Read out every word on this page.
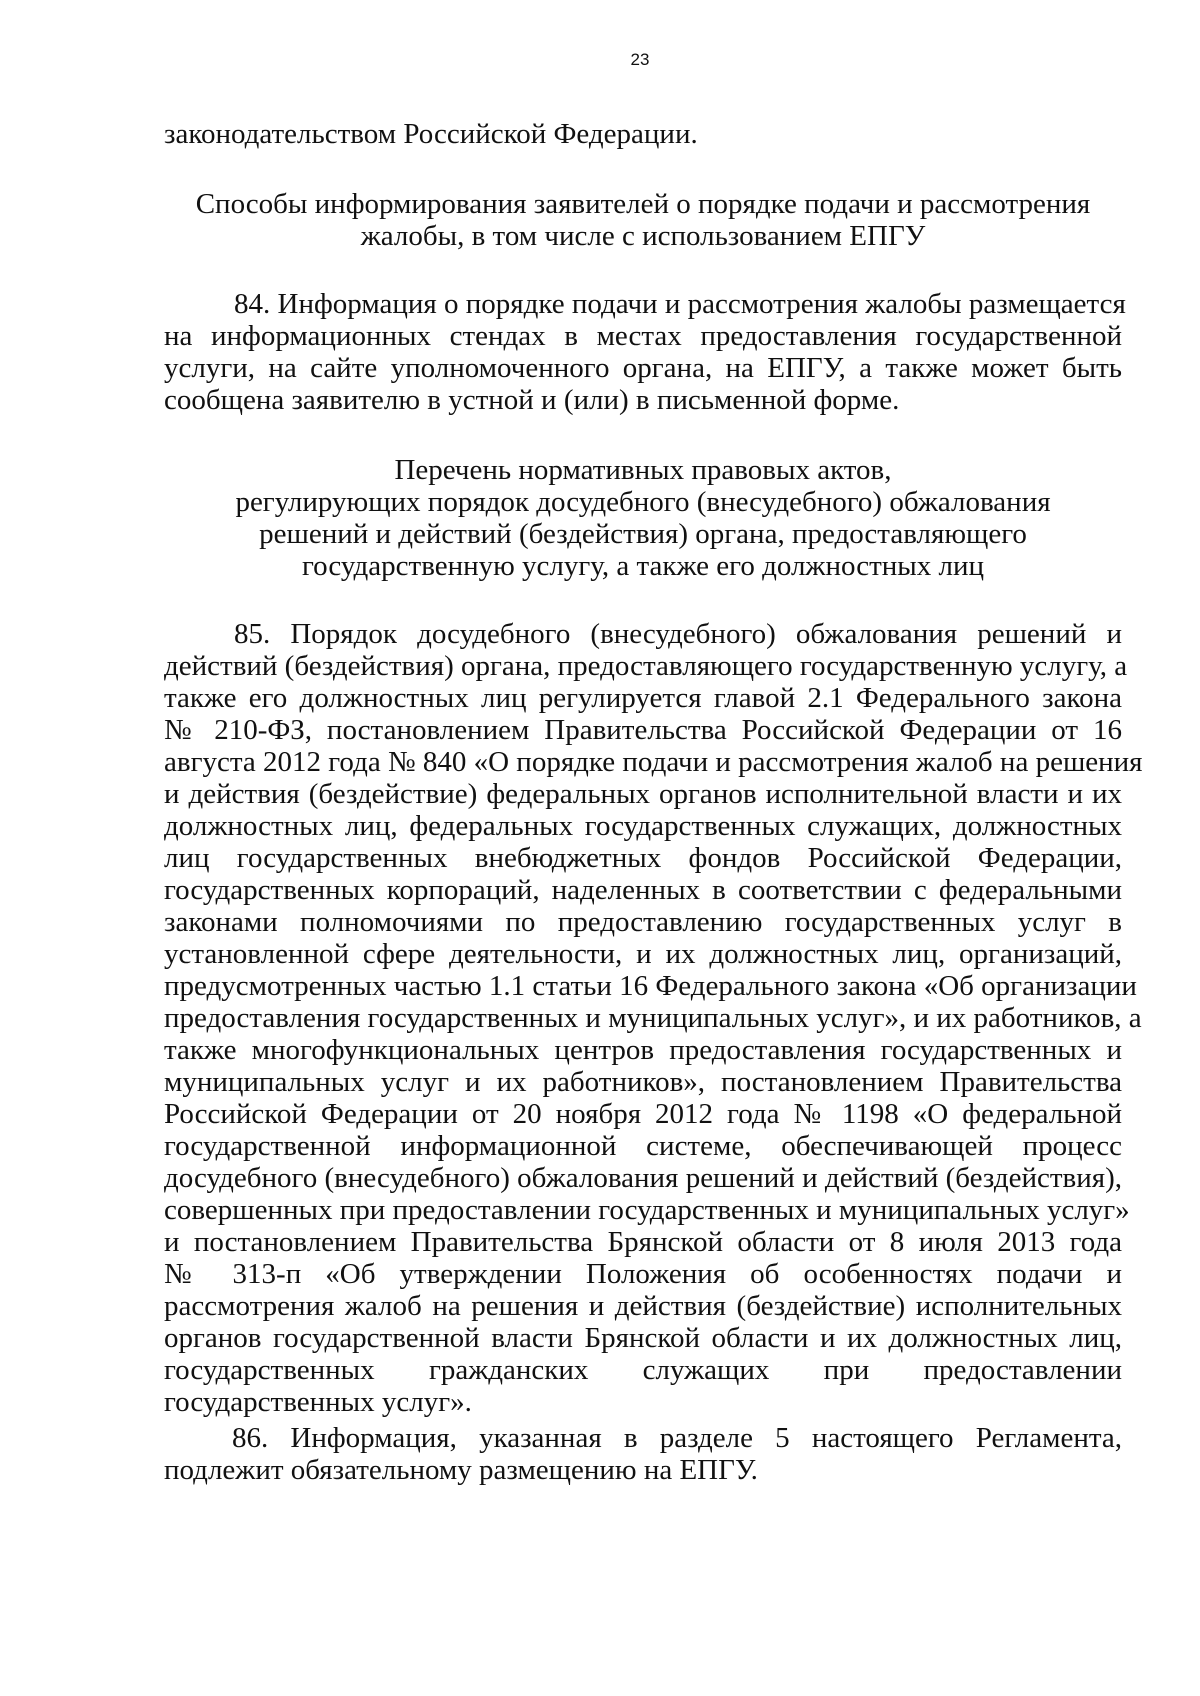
23
законодательством Российской Федерации.
Способы информирования заявителей о порядке подачи и рассмотрения
жалобы, в том числе с использованием ЕПГУ
84. Информация о порядке подачи и рассмотрения жалобы размещается
на информационных стендах в местах предоставления государственной
услуги, на сайте уполномоченного органа, на ЕПГУ, а также может быть
сообщена заявителю в устной и (или) в письменной форме.
Перечень нормативных правовых актов,
регулирующих порядок досудебного (внесудебного) обжалования
решений и действий (бездействия) органа, предоставляющего
государственную услугу, а также его должностных лиц
85. Порядок досудебного (внесудебного) обжалования решений и
действий (бездействия) органа, предоставляющего государственную услугу, а
также его должностных лиц регулируется главой 2.1 Федерального закона
№ 210-ФЗ, постановлением Правительства Российской Федерации от 16
августа 2012 года № 840 «О порядке подачи и рассмотрения жалоб на решения
и действия (бездействие) федеральных органов исполнительной власти и их
должностных лиц, федеральных государственных служащих, должностных
лиц государственных внебюджетных фондов Российской Федерации,
государственных корпораций, наделенных в соответствии с федеральными
законами полномочиями по предоставлению государственных услуг в
установленной сфере деятельности, и их должностных лиц, организаций,
предусмотренных частью 1.1 статьи 16 Федерального закона «Об организации
предоставления государственных и муниципальных услуг», и их работников, а
также многофункциональных центров предоставления государственных и
муниципальных услуг и их работников», постановлением Правительства
Российской Федерации от 20 ноября 2012 года № 1198 «О федеральной
государственной информационной системе, обеспечивающей процесс
досудебного (внесудебного) обжалования решений и действий (бездействия),
совершенных при предоставлении государственных и муниципальных услуг»
и постановлением Правительства Брянской области от 8 июля 2013 года
№ 313-п «Об утверждении Положения об особенностях подачи и
рассмотрения жалоб на решения и действия (бездействие) исполнительных
органов государственной власти Брянской области и их должностных лиц,
государственных гражданских служащих при предоставлении
государственных услуг».
86. Информация, указанная в разделе 5 настоящего Регламента,
подлежит обязательному размещению на ЕПГУ.
